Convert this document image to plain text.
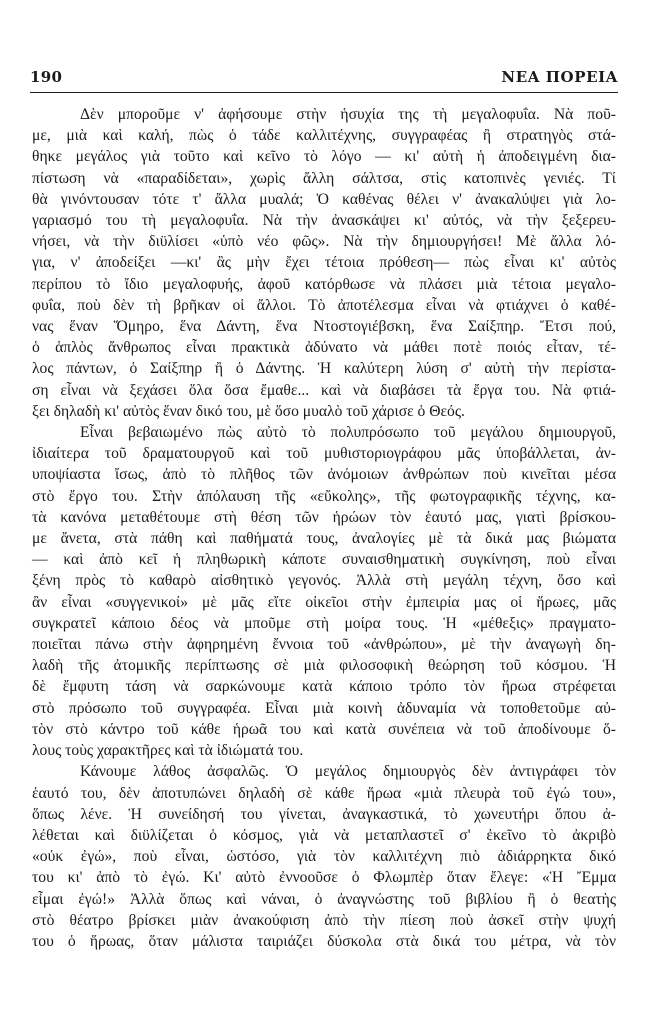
190	ΝΕΑ ΠΟΡΕΙΑ
Δὲν μποροῦμε ν' ἀφήσουμε στὴν ἡσυχία της τὴ μεγαλοφυΐα. Νὰ ποῦ-
με, μιὰ καὶ καλή, πὼς ὁ τάδε καλλιτέχνης, συγγραφέας ἢ στρατηγὸς στά-
θηκε μεγάλος γιὰ τοῦτο καὶ κεῖνο τὸ λόγο — κι' αὐτὴ ἡ ἀποδειγμένη δια-
πίστωση νὰ «παραδίδεται», χωρὶς ἄλλη σάλτσα, στὶς κατοπινὲς γενιές. Τί
θὰ γινόντουσαν τότε τ' ἄλλα μυαλά; Ὁ καθένας θέλει ν' ἀνακαλύψει γιὰ λο-
γαριασμό του τὴ μεγαλοφυΐα. Νὰ τὴν ἀνασκάψει κι' αὐτός, νὰ τὴν ξεξερευ-
νήσει, νὰ τὴν διϋλίσει «ὑπὸ νέο φῶς». Νὰ τὴν δημιουργήσει! Μὲ ἄλλα λό-
για, ν' ἀποδείξει —κι' ἂς μὴν ἔχει τέτοια πρόθεση— πὼς εἶναι κι' αὐτὸς
περίπου τὸ ἴδιο μεγαλοφυής, ἀφοῦ κατόρθωσε νὰ πλάσει μιὰ τέτοια μεγαλο-
φυΐα, ποὺ δὲν τὴ βρῆκαν οἱ ἄλλοι. Τὸ ἀποτέλεσμα εἶναι νὰ φτιάχνει ὁ καθέ-
νας ἕναν Ὅμηρο, ἕνα Δάντη, ἕνα Ντοστογιέβσκη, ἕνα Σαίξπηρ. Ἔτσι πού,
ὁ ἁπλὸς ἄνθρωπος εἶναι πρακτικὰ ἀδύνατο νὰ μάθει ποτὲ ποιός εἶταν, τέ-
λος πάντων, ὁ Σαίξπηρ ἢ ὁ Δάντης. Ἡ καλύτερη λύση σ' αὐτὴ τὴν περίστα-
ση εἶναι νὰ ξεχάσει ὅλα ὅσα ἔμαθε... καὶ νὰ διαβάσει τὰ ἔργα του. Νὰ φτιά-
ξει δηλαδὴ κι' αὐτὸς ἕναν δικό του, μὲ ὅσο μυαλὸ τοῦ χάρισε ὁ Θεός.
Εἶναι βεβαιωμένο πὼς αὐτὸ τὸ πολυπρόσωπο τοῦ μεγάλου δημιουργοῦ,
ἰδιαίτερα τοῦ δραματουργοῦ καὶ τοῦ μυθιστοριογράφου μᾶς ὑποβάλλεται, ἀν-
υποψίαστα ἴσως, ἀπὸ τὸ πλῆθος τῶν ἀνόμοιων ἀνθρώπων ποὺ κινεῖται μέσα
στὸ ἔργο του. Στὴν ἀπόλαυση τῆς «εὔκολης», τῆς φωτογραφικῆς τέχνης, κα-
τὰ κανόνα μεταθέτουμε στὴ θέση τῶν ἡρώων τὸν ἑαυτό μας, γιατὶ βρίσκου-
με ἄνετα, στὰ πάθη καὶ παθήματά τους, ἀναλογίες μὲ τὰ δικά μας βιώματα
— καὶ ἀπὸ κεῖ ἡ πληθωρικὴ κάποτε συναισθηματικὴ συγκίνηση, ποὺ εἶναι
ξένη πρὸς τὸ καθαρὸ αἰσθητικὸ γεγονός. Ἀλλὰ στὴ μεγάλη τέχνη, ὅσο καὶ
ἂν εἶναι «συγγενικοί» μὲ μᾶς εἴτε οἰκεῖοι στὴν ἐμπειρία μας οἱ ἥρωες, μᾶς
συγκρατεῖ κάποιο δέος νὰ μποῦμε στὴ μοίρα τους. Ἡ «μέθεξις» πραγματο-
ποιεῖται πάνω στὴν ἀφηρημένη ἔννοια τοῦ «ἀνθρώπου», μὲ τὴν ἀναγωγὴ δη-
λαδὴ τῆς ἀτομικῆς περίπτωσης σὲ μιὰ φιλοσοφικὴ θεώρηση τοῦ κόσμου. Ἡ
δὲ ἔμφυτη τάση νὰ σαρκώνουμε κατὰ κάποιο τρόπο τὸν ἥρωα στρέφεται
στὸ πρόσωπο τοῦ συγγραφέα. Εἶναι μιὰ κοινὴ ἀδυναμία νὰ τοποθετοῦμε αὐ-
τὸν στὸ κάντρο τοῦ κάθε ἡρωᾶ του καὶ κατὰ συνέπεια νὰ τοῦ ἀποδίνουμε ὅ-
λους τοὺς χαρακτῆρες καὶ τὰ ἰδιώματά του.
Κάνουμε λάθος ἀσφαλῶς. Ὁ μεγάλος δημιουργὸς δὲν ἀντιγράφει τὸν
ἑαυτό του, δὲν ἀποτυπώνει δηλαδὴ σὲ κάθε ἥρωα «μιὰ πλευρὰ τοῦ ἐγώ του»,
ὅπως λένε. Ἡ συνείδησή του γίνεται, ἀναγκαστικά, τὸ χωνευτήρι ὅπου ἀ-
λέθεται καὶ διϋλίζεται ὁ κόσμος, γιὰ νὰ μεταπλαστεῖ σ' ἐκεῖνο τὸ ἀκριβὸ
«οὐκ ἐγώ», ποὺ εἶναι, ὡστόσο, γιὰ τὸν καλλιτέχνη πιὸ ἀδιάρρηκτα δικό
του κι' ἀπὸ τὸ ἐγώ. Κι' αὐτὸ ἐννοοῦσε ὁ Φλωμπὲρ ὅταν ἔλεγε: «Ἡ Ἔμμα
εἶμαι ἐγώ!» Ἀλλὰ ὅπως καὶ νάναι, ὁ ἀναγνώστης τοῦ βιβλίου ἢ ὁ θεατὴς
στὸ θέατρο βρίσκει μιὰν ἀνακούφιση ἀπὸ τὴν πίεση ποὺ ἀσκεῖ στὴν ψυχή
του ὁ ἥρωας, ὅταν μάλιστα ταιριάζει δύσκολα στὰ δικά του μέτρα, νὰ τὸν
